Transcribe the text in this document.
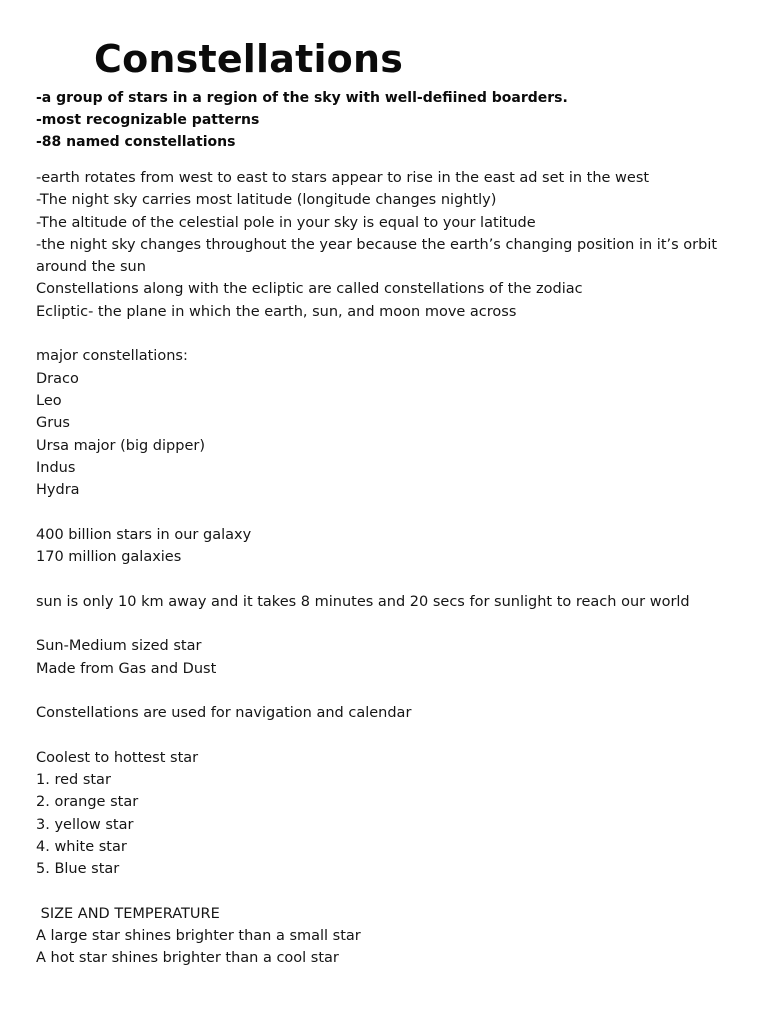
Constellations
-a group of stars in a region of the sky with well-defiined boarders.
-most recognizable patterns
-88 named constellations
-earth rotates from west to east to stars appear to rise in the east ad set in the west
-The night sky carries most latitude (longitude changes nightly)
-The altitude of the celestial pole in your sky is equal to your latitude
-the night sky changes throughout the year because the earth’s changing position in it’s orbit around the sun
Constellations along with the ecliptic are called constellations of the zodiac
Ecliptic- the plane in which the earth, sun, and moon move across
major constellations:
Draco
Leo
Grus
Ursa major (big dipper)
Indus
Hydra
400 billion stars in our galaxy
170 million galaxies
sun is only 10 km away and it takes 8 minutes and 20 secs for sunlight to reach our world
Sun-Medium sized star
Made from Gas and Dust
Constellations are used for navigation and calendar
Coolest to hottest star
1. red star
2. orange star
3. yellow star
4. white star
5. Blue star
SIZE AND TEMPERATURE
A large star shines brighter than a small star
A hot star shines brighter than a cool star
